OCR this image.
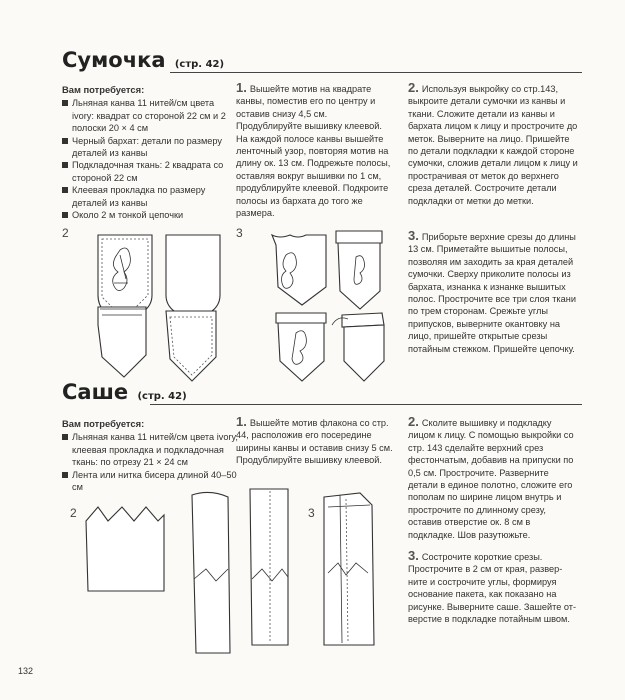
Сумочка (стр. 42)
Вам потребуется:
Льняная канва 11 нитей/см цвета ivory: квадрат со стороной 22 см и 2 полоски 20 × 4 см
Черный бархат: детали по размеру деталей из канвы
Подкладочная ткань: 2 квадрата со стороной 22 см
Клеевая прокладка по размеру деталей из канвы
Около 2 м тонкой цепочки

1. Вышейте мотив на квадрате канвы, поместив его по центру и оставив снизу 4,5 см. Продублируйте вышивку клеевой. На каждой полосе канвы вышейте ленточный узор, повторяя мотив на длину ок. 13 см. Подрежьте полосы, оставляя вокруг вышивки по 1 см, продублируйте клеевой. Подкроите полосы из бархата до того же размера.

2. Используя выкройку со стр.143, выкроите детали сумочки из канвы и ткани. Сложите детали из канвы и бархата лицом к лицу и прострочите до меток. Выверните на лицо. Пришейте по детали подкладки к каждой стороне сумочки, сложив детали лицом к лицу и прострачивая от меток до верхнего среза деталей. Сострочите детали подкладки от метки до метки.

3. Приборьте верхние срезы до длины 13 см. Приметайте вышитые полосы, позволяя им заходить за края деталей сумочки. Сверху приколите полосы из бархата, изнанка к изнанке вышитых полос. Прострочите все три слоя ткани по трем сторонам. Срежьте углы припусков, выверните окантовку на лицо, пришейте открытые срезы потайным стежком. Пришейте цепочку.

2	3
Саше (стр. 42)
Вам потребуется:
Льняная канва 11 нитей/см цвета ivory, клеевая прокладка и подкладочная ткань: по отрезу 21 × 24 см
Лента или нитка бисера длиной 40–50 см

1. Вышейте мотив флакона со стр. 44, расположив его посередине ширины канвы и оставив снизу 5 см. Продублируйте вышивку клеевой.

2. Сколите вышивку и подкладку лицом к лицу. С помощью выкройки со стр. 143 сделайте верхний срез фестончатым, добавив на припуски по 0,5 см. Прострочите. Разверните детали в единое полотно, сложите его пополам по ширине лицом внутрь и прострочите по длинному срезу, оставив отверстие ок. 8 см в подкладке. Шов разутюжьте.

3. Сострочите короткие срезы. Прострочите в 2 см от края, разверните и сострочите углы, формируя основание пакета, как показано на рисунке. Выверните саше. Зашейте отверстие в подкладке потайным швом.

2	3
132
